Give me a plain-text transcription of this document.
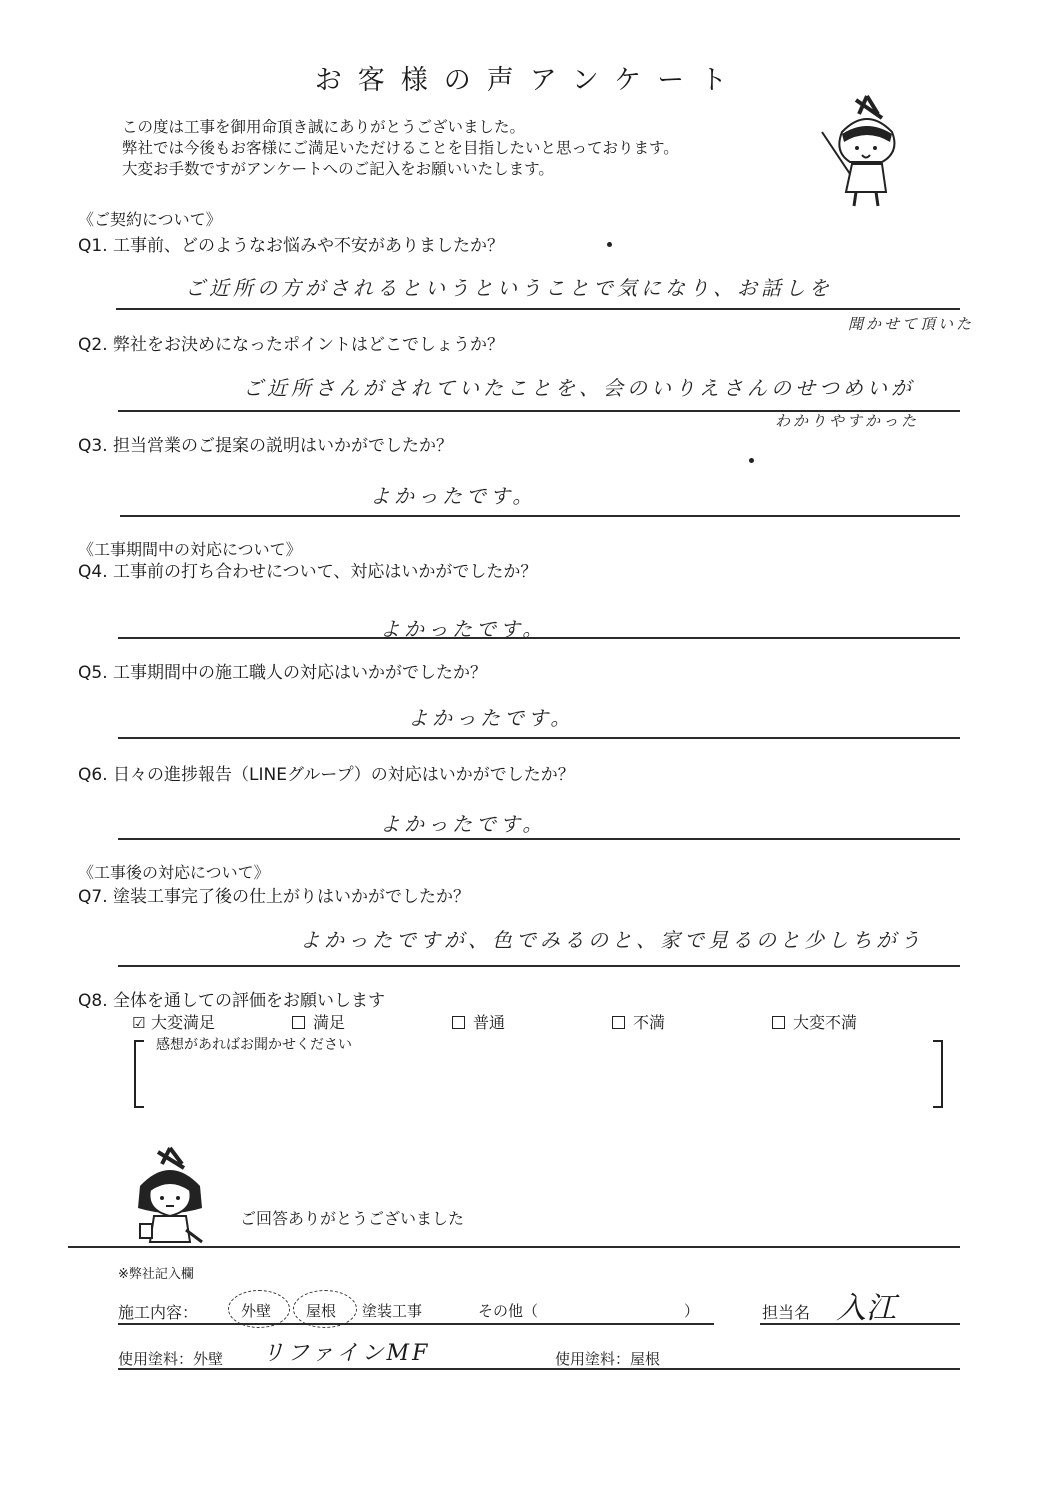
お客様の声アンケート
この度は工事を御用命頂き誠にありがとうございました。
弊社では今後もお客様にご満足いただけることを目指したいと思っております。
大変お手数ですがアンケートへのご記入をお願いいたします。
《ご契約について》
Q1. 工事前、どのようなお悩みや不安がありましたか？
ご近所の方がされるというということで気になり、お話しを
聞かせて頂いた
Q2. 弊社をお決めになったポイントはどこでしょうか？
ご近所さんがされていたことを、会のいりえさんのせつめいが
わかりやすかった
Q3. 担当営業のご提案の説明はいかがでしたか？
よかったです。
《工事期間中の対応について》
Q4. 工事前の打ち合わせについて、対応はいかがでしたか？
よかったです。
Q5. 工事期間中の施工職人の対応はいかがでしたか？
よかったです。
Q6. 日々の進捗報告（LINEグループ）の対応はいかがでしたか？
よかったです。
《工事後の対応について》
Q7. 塗装工事完了後の仕上がりはいかがでしたか？
よかったですが、色でみるのと、家で見るのと少しちがう
Q8. 全体を通しての評価をお願いします
☑ 大変満足	満足	普通	不満	大変不満
感想があればお聞かせください
ご回答ありがとうございました
※弊社記入欄
施工内容：	外壁 屋根 塗装工事	その他（	）	担当名 入江
使用塗料：外壁 リファインMF	使用塗料：屋根
